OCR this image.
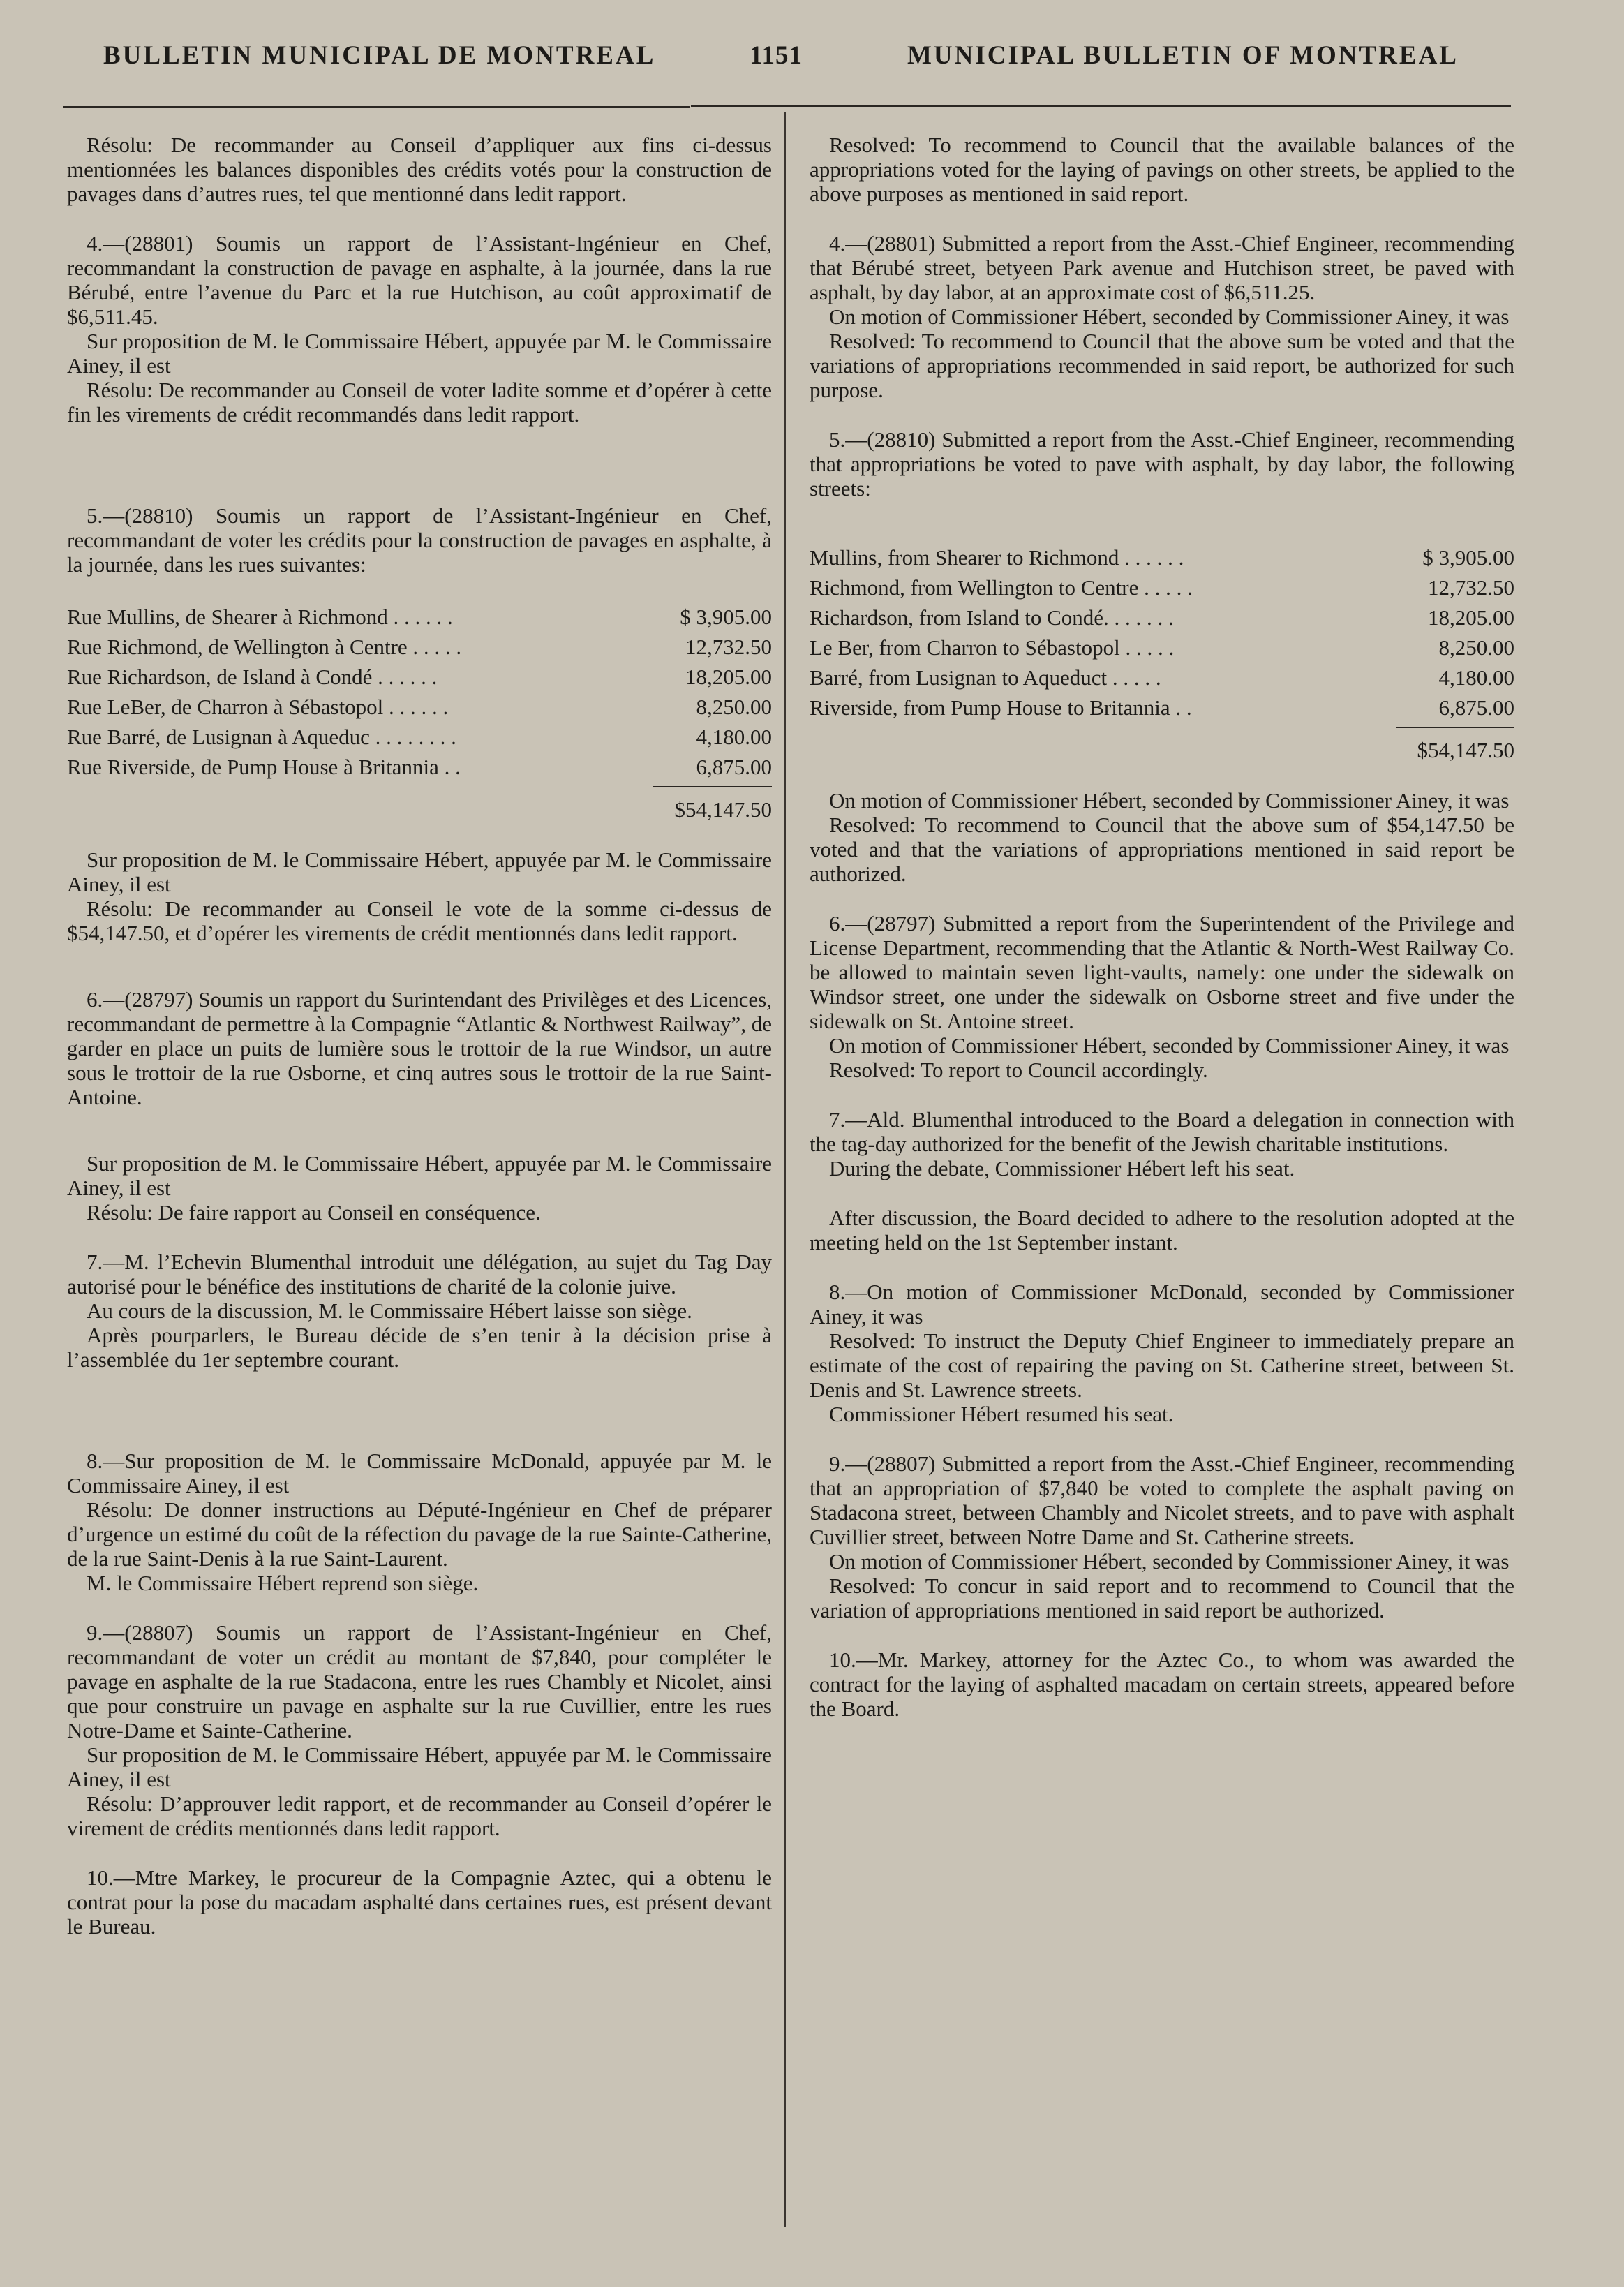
BULLETIN MUNICIPAL DE MONTREAL	1151	MUNICIPAL BULLETIN OF MONTREAL

Résolu: De recommander au Conseil d’appliquer aux fins ci-dessus mentionnées les balances disponibles des crédits votés pour la construction de pavages dans d’autres rues, tel que mentionné dans ledit rapport.

4.—(28801) Soumis un rapport de l’Assistant-Ingénieur en Chef, recommandant la construction de pavage en asphalte, à la journée, dans la rue Bérubé, entre l’avenue du Parc et la rue Hutchison, au coût approximatif de $6,511.45.

Sur proposition de M. le Commissaire Hébert, appuyée par M. le Commissaire Ainey, il est

Résolu: De recommander au Conseil de voter ladite somme et d’opérer à cette fin les virements de crédit recommandés dans ledit rapport.

5.—(28810) Soumis un rapport de l’Assistant-Ingénieur en Chef, recommandant de voter les crédits pour la construction de pavages en asphalte, à la journée, dans les rues suivantes:

Rue Mullins, de Shearer à Richmond . . . . . .	$ 3,905.00
Rue Richmond, de Wellington à Centre . . . . .	12,732.50
Rue Richardson, de Island à Condé . . . . . .	18,205.00
Rue LeBer, de Charron à Sébastopol . . . . . .	8,250.00
Rue Barré, de Lusignan à Aqueduc . . . . . . . .	4,180.00
Rue Riverside, de Pump House à Britannia . .	6,875.00
$54,147.50

Sur proposition de M. le Commissaire Hébert, appuyée par M. le Commissaire Ainey, il est

Résolu: De recommander au Conseil le vote de la somme ci-dessus de $54,147.50, et d’opérer les virements de crédit mentionnés dans ledit rapport.

6.—(28797) Soumis un rapport du Surintendant des Privilèges et des Licences, recommandant de permettre à la Compagnie “Atlantic & Northwest Railway”, de garder en place un puits de lumière sous le trottoir de la rue Windsor, un autre sous le trottoir de la rue Osborne, et cinq autres sous le trottoir de la rue Saint-Antoine.

Sur proposition de M. le Commissaire Hébert, appuyée par M. le Commissaire Ainey, il est

Résolu: De faire rapport au Conseil en conséquence.

7.—M. l’Echevin Blumenthal introduit une délégation, au sujet du Tag Day autorisé pour le bénéfice des institutions de charité de la colonie juive.

Au cours de la discussion, M. le Commissaire Hébert laisse son siège.

Après pourparlers, le Bureau décide de s’en tenir à la décision prise à l’assemblée du 1er septembre courant.

8.—Sur proposition de M. le Commissaire McDonald, appuyée par M. le Commissaire Ainey, il est

Résolu: De donner instructions au Député-Ingénieur en Chef de préparer d’urgence un estimé du coût de la réfection du pavage de la rue Sainte-Catherine, de la rue Saint-Denis à la rue Saint-Laurent.

M. le Commissaire Hébert reprend son siège.

9.—(28807) Soumis un rapport de l’Assistant-Ingénieur en Chef, recommandant de voter un crédit au montant de $7,840, pour compléter le pavage en asphalte de la rue Stadacona, entre les rues Chambly et Nicolet, ainsi que pour construire un pavage en asphalte sur la rue Cuvillier, entre les rues Notre-Dame et Sainte-Catherine.

Sur proposition de M. le Commissaire Hébert, appuyée par M. le Commissaire Ainey, il est

Résolu: D’approuver ledit rapport, et de recommander au Conseil d’opérer le virement de crédits mentionnés dans ledit rapport.

10.—Mtre Markey, le procureur de la Compagnie Aztec, qui a obtenu le contrat pour la pose du macadam asphalté dans certaines rues, est présent devant le Bureau.

Resolved: To recommend to Council that the available balances of the appropriations voted for the laying of pavings on other streets, be applied to the above purposes as mentioned in said report.

4.—(28801) Submitted a report from the Asst.-Chief Engineer, recommending that Bérubé street, betyeen Park avenue and Hutchison street, be paved with asphalt, by day labor, at an approximate cost of $6,511.25.

On motion of Commissioner Hébert, seconded by Commissioner Ainey, it was

Resolved: To recommend to Council that the above sum be voted and that the variations of appropriations recommended in said report, be authorized for such purpose.

5.—(28810) Submitted a report from the Asst.-Chief Engineer, recommending that appropriations be voted to pave with asphalt, by day labor, the following streets:

Mullins, from Shearer to Richmond . . . . . .	$ 3,905.00
Richmond, from Wellington to Centre . . . . .	12,732.50
Richardson, from Island to Condé. . . . . . .	18,205.00
Le Ber, from Charron to Sébastopol . . . . .	8,250.00
Barré, from Lusignan to Aqueduct . . . . .	4,180.00
Riverside, from Pump House to Britannia . .	6,875.00
$54,147.50

On motion of Commissioner Hébert, seconded by Commissioner Ainey, it was

Resolved: To recommend to Council that the above sum of $54,147.50 be voted and that the variations of appropriations mentioned in said report be authorized.

6.—(28797) Submitted a report from the Superintendent of the Privilege and License Department, recommending that the Atlantic & North-West Railway Co. be allowed to maintain seven light-vaults, namely: one under the sidewalk on Windsor street, one under the sidewalk on Osborne street and five under the sidewalk on St. Antoine street.

On motion of Commissioner Hébert, seconded by Commissioner Ainey, it was

Resolved: To report to Council accordingly.

7.—Ald. Blumenthal introduced to the Board a delegation in connection with the tag-day authorized for the benefit of the Jewish charitable institutions.

During the debate, Commissioner Hébert left his seat.

After discussion, the Board decided to adhere to the resolution adopted at the meeting held on the 1st September instant.

8.—On motion of Commissioner McDonald, seconded by Commissioner Ainey, it was

Resolved: To instruct the Deputy Chief Engineer to immediately prepare an estimate of the cost of repairing the paving on St. Catherine street, between St. Denis and St. Lawrence streets.

Commissioner Hébert resumed his seat.

9.—(28807) Submitted a report from the Asst.-Chief Engineer, recommending that an appropriation of $7,840 be voted to complete the asphalt paving on Stadacona street, between Chambly and Nicolet streets, and to pave with asphalt Cuvillier street, between Notre Dame and St. Catherine streets.

On motion of Commissioner Hébert, seconded by Commissioner Ainey, it was

Resolved: To concur in said report and to recommend to Council that the variation of appropriations mentioned in said report be authorized.

10.—Mr. Markey, attorney for the Aztec Co., to whom was awarded the contract for the laying of asphalted macadam on certain streets, appeared before the Board.
